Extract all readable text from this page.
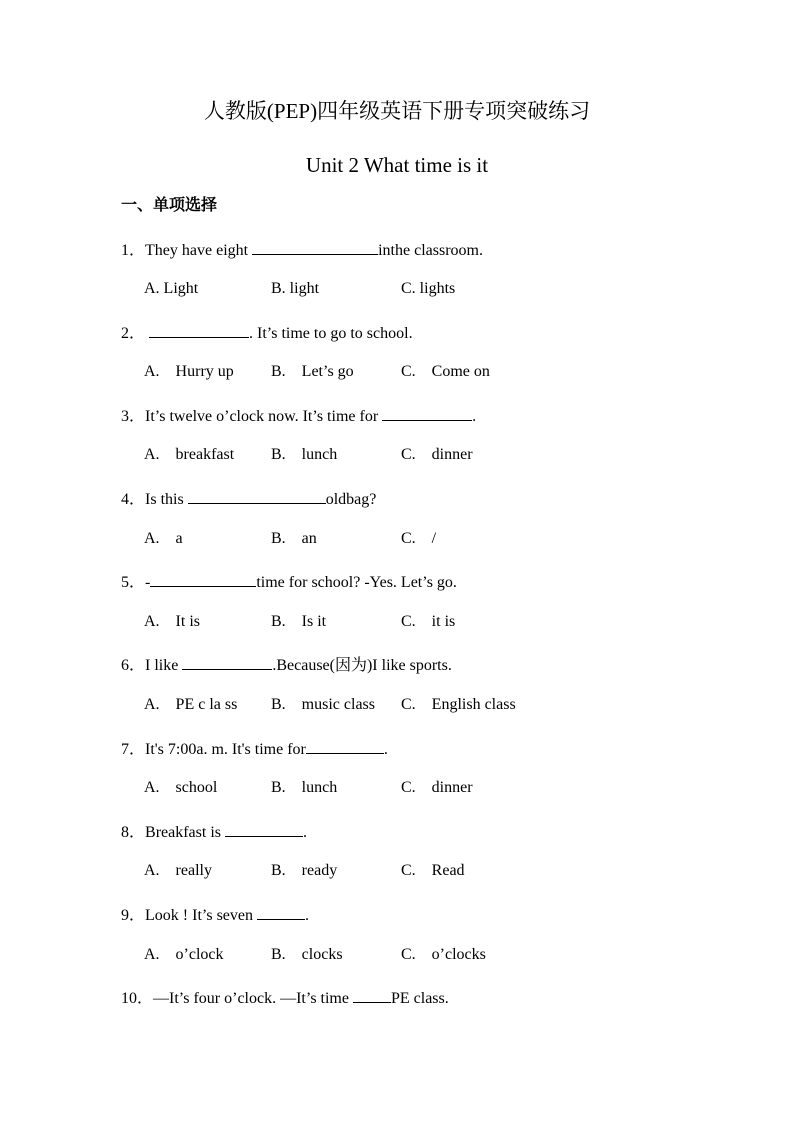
人教版(PEP)四年级英语下册专项突破练习
Unit 2 What time is it
一、单项选择
1．They have eight	inthe classroom.
A. Light	B. light	C. lights
2．	. It’s time to go to school.
A.    Hurry up B.    Let’s go	C.    Come on
3．It’s twelve o’clock now. It’s time for	.
A.    breakfast B.    lunch	C.    dinner
4．Is this	oldbag?
A.    a	B.    an	C.    /
5．-	time for school? -Yes. Let’s go.
A.    It is	B.    Is it	C.    it is
6．I like	.Because(因为)I like sports.
A.    PE c la ss B.    music class C.    English class
7．It's 7:00a. m. It's time for	.
A.    school	B.    lunch	C.    dinner
8．Breakfast is	.
A.    really	B.    ready	C.    Read
9．Look ! It’s seven	.
A.    o’clock	B.    clocks	C.    o’clocks
10．—It’s four o’clock. —It’s time PE class.
